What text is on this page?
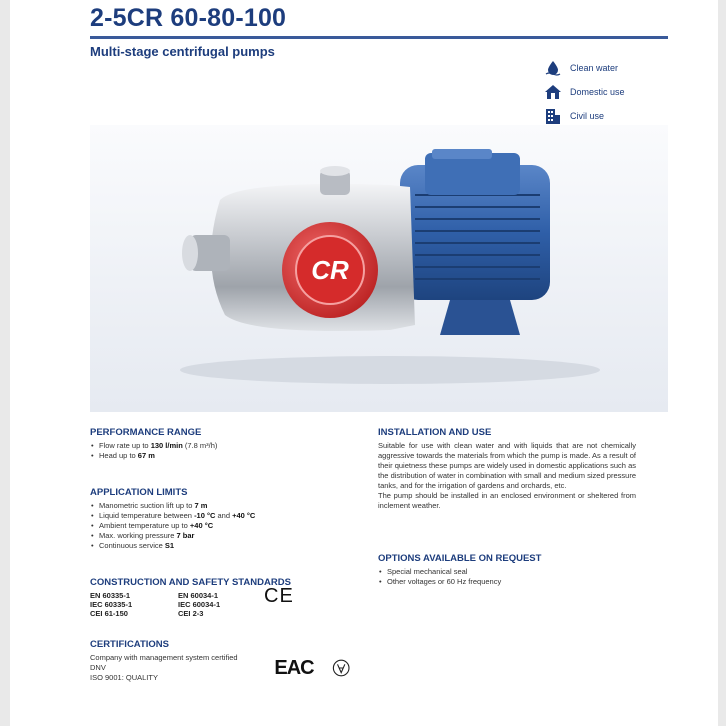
2-5CR 60-80-100
Multi-stage centrifugal pumps
Clean water
Domestic use
Civil use
CR
PERFORMANCE RANGE
• Flow rate up to 130 l/min (7.8 m³/h)
• Head up to 67 m
APPLICATION LIMITS
• Manometric suction lift up to 7 m
• Liquid temperature between -10 °C and +40 °C
• Ambient temperature up to +40 °C
• Max. working pressure 7 bar
• Continuous service S1
CONSTRUCTION AND SAFETY STANDARDS
EN 60335-1	EN 60034-1
IEC 60335-1	IEC 60034-1
CEI 61-150	CEI 2-3
CE
CERTIFICATIONS
Company with management system certified DNV
ISO 9001: QUALITY	EAC
INSTALLATION AND USE
Suitable for use with clean water and with liquids that are not chemically aggressive towards the materials from which the pump is made. As a result of their quietness these pumps are widely used in domestic applications such as the distribution of water in combination with small and medium sized pressure tanks, and for the irrigation of gardens and orchards, etc.
The pump should be installed in an enclosed environment or sheltered from inclement weather.
OPTIONS AVAILABLE ON REQUEST
• Special mechanical seal
• Other voltages or 60 Hz frequency
